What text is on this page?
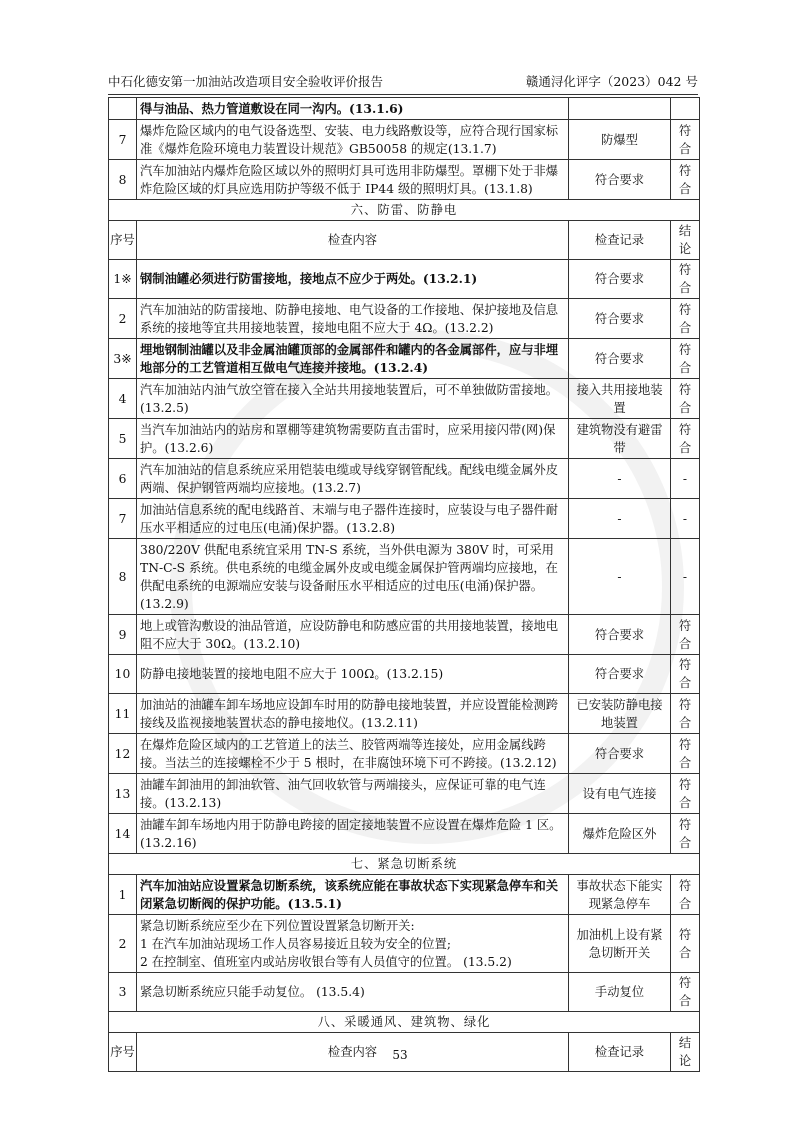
中石化德安第一加油站改造项目安全验收评价报告	赣通浔化评字（2023）042 号
	得与油品、热力管道敷设在同一沟内。(13.1.6)		
7	爆炸危险区域内的电气设备选型、安装、电力线路敷设等，应符合现行国家标准《爆炸危险环境电力装置设计规范》GB50058 的规定(13.1.7)	防爆型	符合
8	汽车加油站内爆炸危险区域以外的照明灯具可选用非防爆型。罩棚下处于非爆炸危险区域的灯具应选用防护等级不低于 IP44 级的照明灯具。(13.1.8)	符合要求	符合
六、防雷、防静电			
序号	检查内容	检查记录	结论
1※	钢制油罐必须进行防雷接地，接地点不应少于两处。(13.2.1)	符合要求	符合
2	汽车加油站的防雷接地、防静电接地、电气设备的工作接地、保护接地及信息系统的接地等宜共用接地装置，接地电阻不应大于 4Ω。(13.2.2)	符合要求	符合
3※	埋地钢制油罐以及非金属油罐顶部的金属部件和罐内的各金属部件，应与非埋地部分的工艺管道相互做电气连接并接地。(13.2.4)	符合要求	符合
4	汽车加油站内油气放空管在接入全站共用接地装置后，可不单独做防雷接地。(13.2.5)	接入共用接地装置	符合
5	当汽车加油站内的站房和罩棚等建筑物需要防直击雷时，应采用接闪带(网)保护。(13.2.6)	建筑物没有避雷带	符合
6	汽车加油站的信息系统应采用铠装电缆或导线穿钢管配线。配线电缆金属外皮两端、保护钢管两端均应接地。(13.2.7)	-	-
7	加油站信息系统的配电线路首、末端与电子器件连接时，应装设与电子器件耐压水平相适应的过电压(电涌)保护器。(13.2.8)	-	-
8	380/220V 供配电系统宜采用 TN-S 系统，当外供电源为 380V 时，可采用 TN-C-S 系统。供电系统的电缆金属外皮或电缆金属保护管两端均应接地，在供配电系统的电源端应安装与设备耐压水平相适应的过电压(电涌)保护器。(13.2.9)	-	-
9	地上或管沟敷设的油品管道，应设防静电和防感应雷的共用接地装置，接地电阻不应大于 30Ω。(13.2.10)	符合要求	符合
10	防静电接地装置的接地电阻不应大于 100Ω。(13.2.15)	符合要求	符合
11	加油站的油罐车卸车场地应设卸车时用的防静电接地装置，并应设置能检测跨接线及监视接地装置状态的静电接地仪。(13.2.11)	已安装防静电接地装置	符合
12	在爆炸危险区域内的工艺管道上的法兰、胶管两端等连接处，应用金属线跨接。当法兰的连接螺栓不少于 5 根时，在非腐蚀环境下可不跨接。(13.2.12)	符合要求	符合
13	油罐车卸油用的卸油软管、油气回收软管与两端接头，应保证可靠的电气连接。(13.2.13)	设有电气连接	符合
14	油罐车卸车场地内用于防静电跨接的固定接地装置不应设置在爆炸危险 1 区。(13.2.16)	爆炸危险区外	符合
七、紧急切断系统			
1	汽车加油站应设置紧急切断系统，该系统应能在事故状态下实现紧急停车和关闭紧急切断阀的保护功能。(13.5.1)	事故状态下能实现紧急停车	符合
2	紧急切断系统应至少在下列位置设置紧急切断开关:
1 在汽车加油站现场工作人员容易接近且较为安全的位置;
2 在控制室、值班室内或站房收银台等有人员值守的位置。 (13.5.2)	加油机上设有紧急切断开关	符合
3	紧急切断系统应只能手动复位。 (13.5.4)	手动复位	符合
八、采暖通风、建筑物、绿化			
序号	检查内容	检查记录	结论
53
